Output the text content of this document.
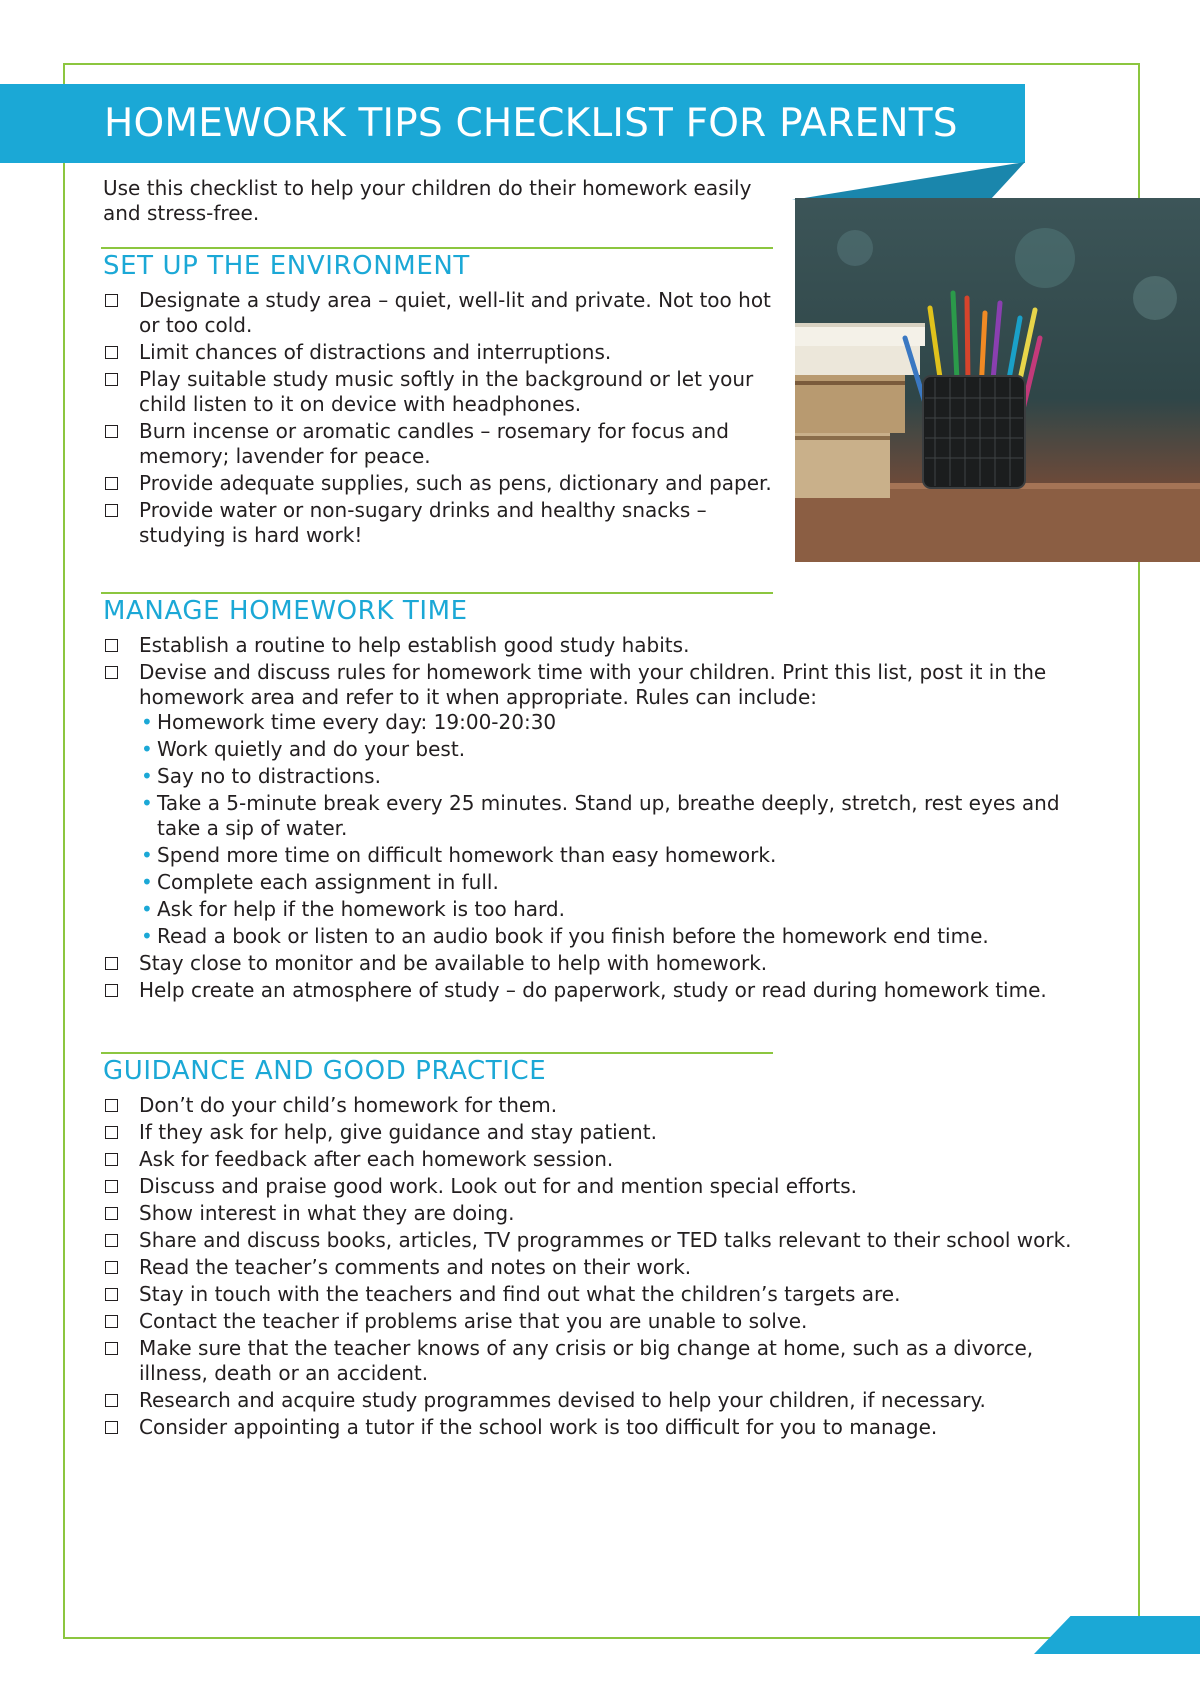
HOMEWORK TIPS CHECKLIST FOR PARENTS

Use this checklist to help your children do their homework easily and stress-free.

SET UP THE ENVIRONMENT
Designate a study area – quiet, well-lit and private. Not too hot or too cold.
Limit chances of distractions and interruptions.
Play suitable study music softly in the background or let your child listen to it on device with headphones.
Burn incense or aromatic candles – rosemary for focus and memory; lavender for peace.
Provide adequate supplies, such as pens, dictionary and paper.
Provide water or non-sugary drinks and healthy snacks – studying is hard work!
MANAGE HOMEWORK TIME
Establish a routine to help establish good study habits.
Devise and discuss rules for homework time with your children. Print this list, post it in the homework area and refer to it when appropriate. Rules can include:
• Homework time every day: 19:00-20:30
• Work quietly and do your best.
• Say no to distractions.
• Take a 5-minute break every 25 minutes. Stand up, breathe deeply, stretch, rest eyes and take a sip of water.
• Spend more time on difficult homework than easy homework.
• Complete each assignment in full.
• Ask for help if the homework is too hard.
• Read a book or listen to an audio book if you finish before the homework end time.
Stay close to monitor and be available to help with homework.
Help create an atmosphere of study – do paperwork, study or read during homework time.
GUIDANCE AND GOOD PRACTICE
Don’t do your child’s homework for them.
If they ask for help, give guidance and stay patient.
Ask for feedback after each homework session.
Discuss and praise good work. Look out for and mention special efforts.
Show interest in what they are doing.
Share and discuss books, articles, TV programmes or TED talks relevant to their school work.
Read the teacher’s comments and notes on their work.
Stay in touch with the teachers and find out what the children’s targets are.
Contact the teacher if problems arise that you are unable to solve.
Make sure that the teacher knows of any crisis or big change at home, such as a divorce, illness, death or an accident.
Research and acquire study programmes devised to help your children, if necessary.
Consider appointing a tutor if the school work is too difficult for you to manage.
